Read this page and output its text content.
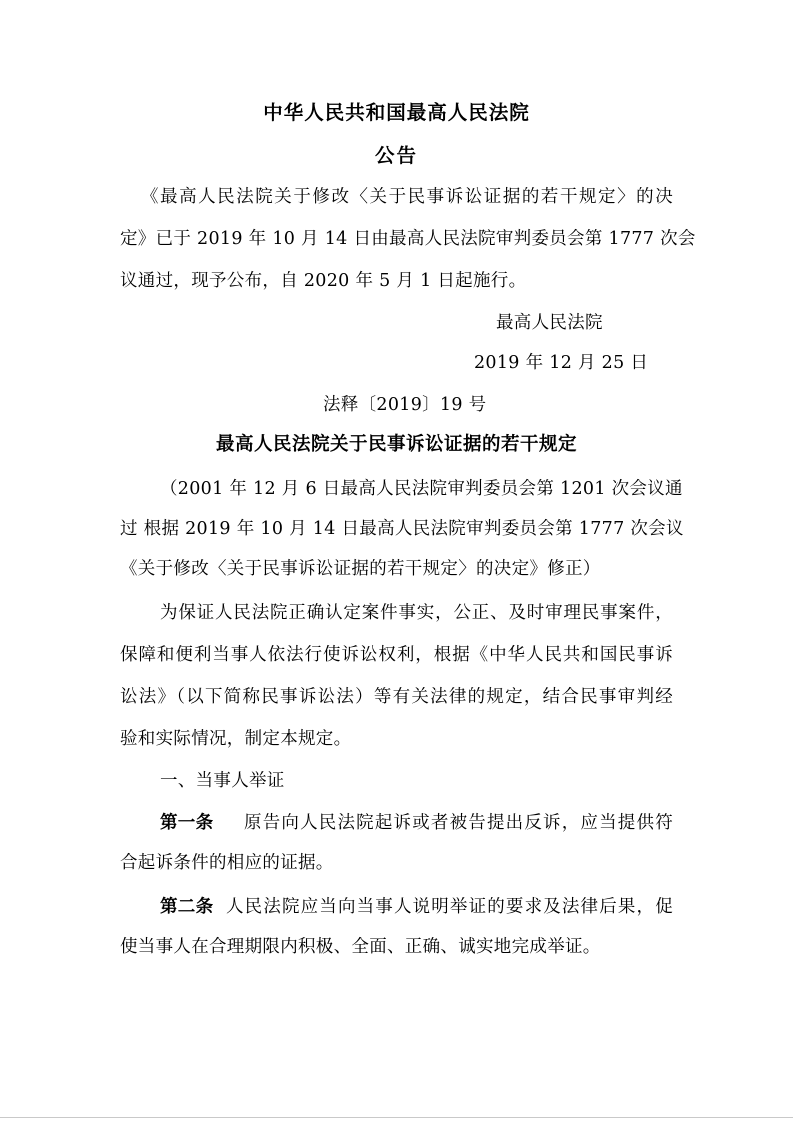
中华人民共和国最高人民法院
公告
《最高人民法院关于修改〈关于民事诉讼证据的若干规定〉的决
定》已于 2019 年 10 月 14 日由最高人民法院审判委员会第 1777 次会
议通过，现予公布，自 2020 年 5 月 1 日起施行。
最高人民法院
2019 年 12 月 25 日
法释〔2019〕19 号
最高人民法院关于民事诉讼证据的若干规定
（2001 年 12 月 6 日最高人民法院审判委员会第 1201 次会议通
过 根据 2019 年 10 月 14 日最高人民法院审判委员会第 1777 次会议
《关于修改〈关于民事诉讼证据的若干规定〉的决定》修正）
为保证人民法院正确认定案件事实，公正、及时审理民事案件，
保障和便利当事人依法行使诉讼权利，根据《中华人民共和国民事诉
讼法》（以下简称民事诉讼法）等有关法律的规定，结合民事审判经
验和实际情况，制定本规定。
一、当事人举证
第一条 原告向人民法院起诉或者被告提出反诉，应当提供符
合起诉条件的相应的证据。
第二条 人民法院应当向当事人说明举证的要求及法律后果，促
使当事人在合理期限内积极、全面、正确、诚实地完成举证。
